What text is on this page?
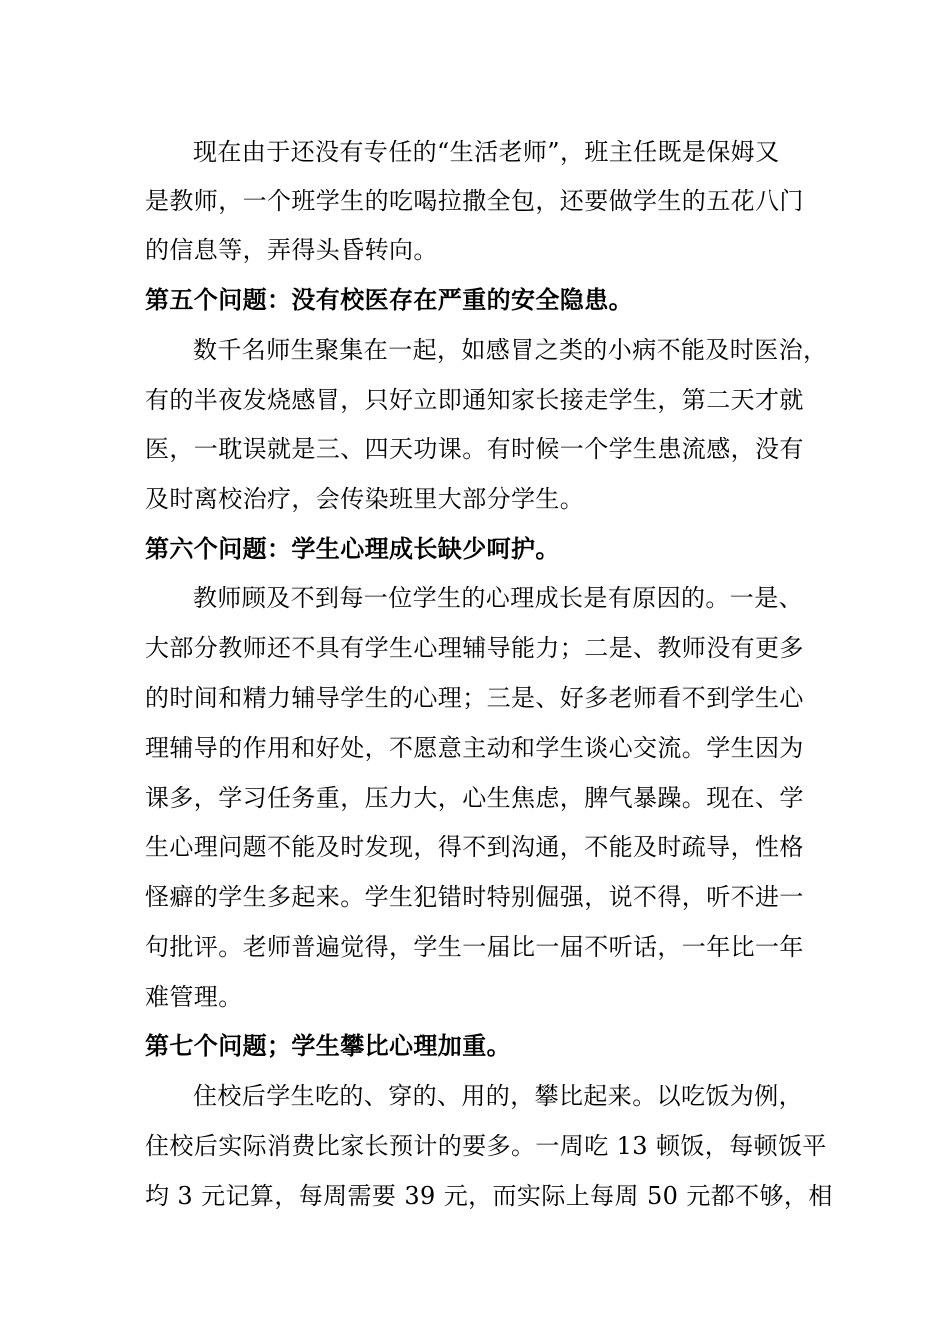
现在由于还没有专任的“生活老师”，班主任既是保姆又
是教师，一个班学生的吃喝拉撒全包，还要做学生的五花八门
的信息等，弄得头昏转向。
第五个问题：没有校医存在严重的安全隐患。
数千名师生聚集在一起，如感冒之类的小病不能及时医治，
有的半夜发烧感冒，只好立即通知家长接走学生，第二天才就
医，一耽误就是三、四天功课。有时候一个学生患流感，没有
及时离校治疗，会传染班里大部分学生。
第六个问题：学生心理成长缺少呵护。
教师顾及不到每一位学生的心理成长是有原因的。一是、
大部分教师还不具有学生心理辅导能力；二是、教师没有更多
的时间和精力辅导学生的心理；三是、好多老师看不到学生心
理辅导的作用和好处，不愿意主动和学生谈心交流。学生因为
课多，学习任务重，压力大，心生焦虑，脾气暴躁。现在、学
生心理问题不能及时发现，得不到沟通，不能及时疏导，性格
怪癖的学生多起来。学生犯错时特别倔强，说不得，听不进一
句批评。老师普遍觉得，学生一届比一届不听话，一年比一年
难管理。
第七个问题；学生攀比心理加重。
住校后学生吃的、穿的、用的，攀比起来。以吃饭为例，
住校后实际消费比家长预计的要多。一周吃 13 顿饭，每顿饭平
均 3 元记算，每周需要 39 元，而实际上每周 50 元都不够，相
